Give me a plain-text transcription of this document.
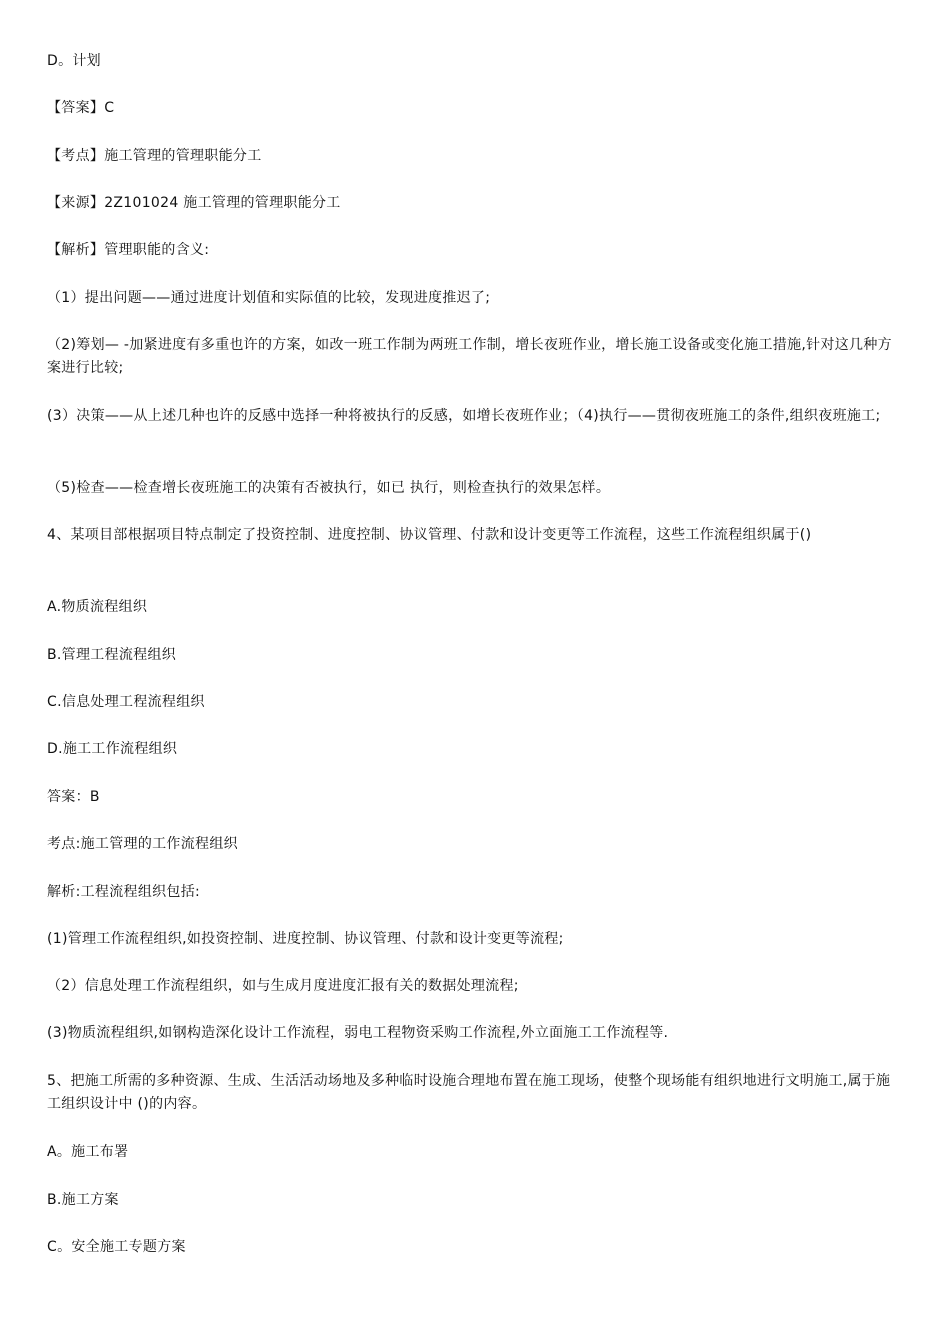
D。计划
【答案】C
【考点】施工管理的管理职能分工
【来源】2Z101024 施工管理的管理职能分工
【解析】管理职能的含义:
（1）提出问题——通过进度计划值和实际值的比较，发现进度推迟了;
（2)筹划— -加紧进度有多重也许的方案，如改一班工作制为两班工作制，增长夜班作业，增长施工设备或变化施工措施,针对这几种方案进行比较;
(3）决策——从上述几种也许的反感中选择一种将被执行的反感，如增长夜班作业；（4)执行——贯彻夜班施工的条件,组织夜班施工;
（5)检查——检查增长夜班施工的决策有否被执行，如已 执行，则检查执行的效果怎样。
4、某项目部根据项目特点制定了投资控制、进度控制、协议管理、付款和设计变更等工作流程，这些工作流程组织属于()
A.物质流程组织
B.管理工程流程组织
C.信息处理工程流程组织
D.施工工作流程组织
答案：B
考点:施工管理的工作流程组织
解析:工程流程组织包括:
(1)管理工作流程组织,如投资控制、进度控制、协议管理、付款和设计变更等流程;
（2）信息处理工作流程组织，如与生成月度进度汇报有关的数据处理流程;
(3)物质流程组织,如钢构造深化设计工作流程，弱电工程物资采购工作流程,外立面施工工作流程等.
5、把施工所需的多种资源、生成、生活活动场地及多种临时设施合理地布置在施工现场，使整个现场能有组织地进行文明施工,属于施工组织设计中 ()的内容。
A。施工布署
B.施工方案
C。安全施工专题方案
